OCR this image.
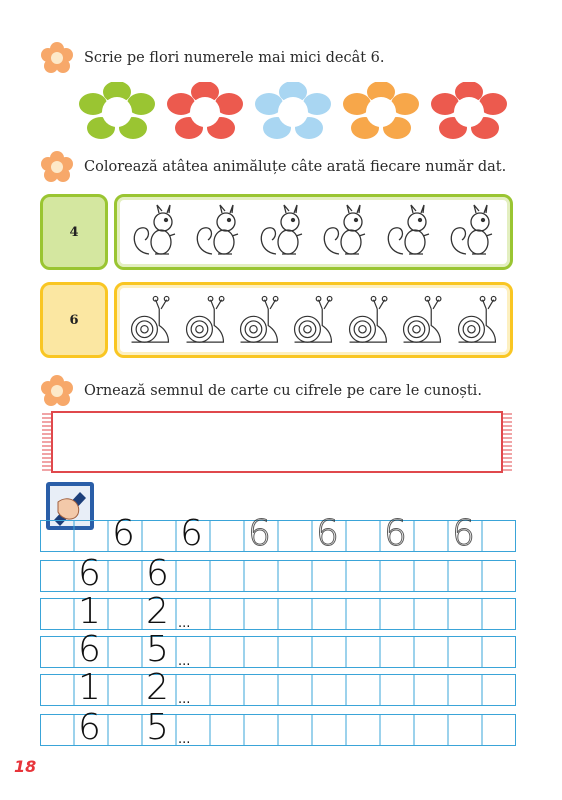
Scrie pe flori numerele mai mici decât 6.
Colorează atâtea animăluțe câte arată fiecare număr dat.
4
6
Ornează semnul de carte cu cifrele pe care le cunoști.
6 6 6 6 6 6
6 6
1 2 ...
6 5 ...
1 2 ...
6 5 ...
18
